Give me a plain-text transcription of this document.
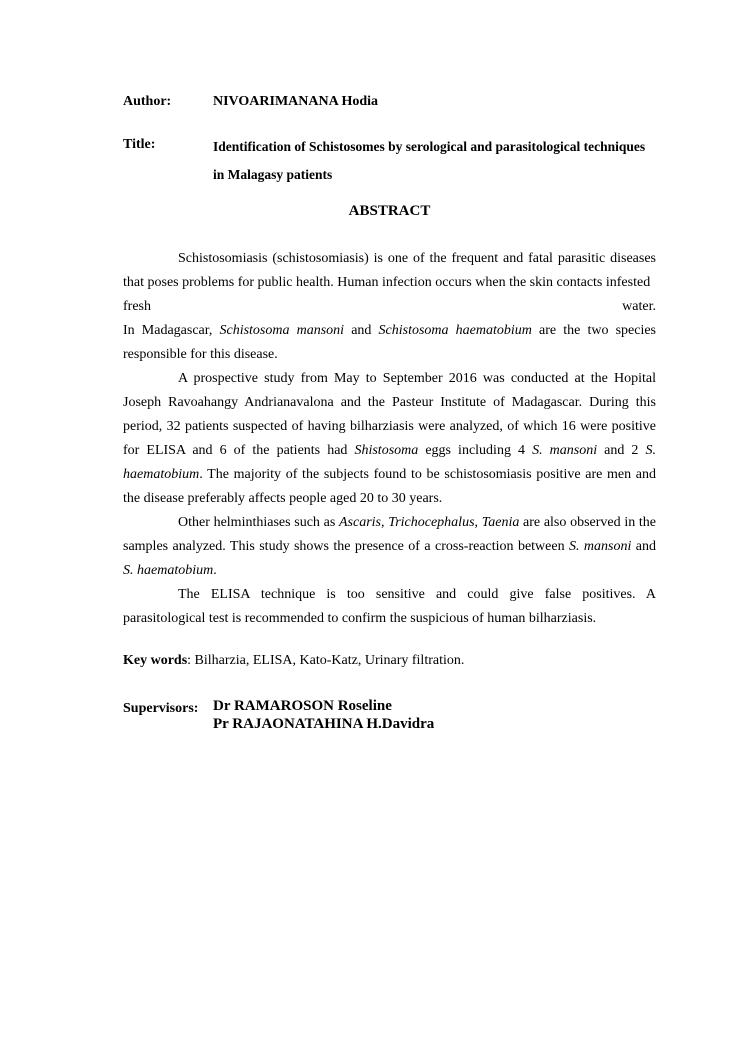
Author:	NIVOARIMANANA Hodia
Title:	Identification of Schistosomes by serological and parasitological techniques
in Malagasy patients
ABSTRACT

Schistosomiasis (schistosomiasis) is one of the frequent and fatal parasitic diseases that poses problems for public health. Human infection occurs when the skin contacts infested

fresh	water.

In Madagascar, Schistosoma mansoni and Schistosoma haematobium are the two species responsible for this disease.

A prospective study from May to September 2016 was conducted at the Hopital Joseph Ravoahangy Andrianavalona and the Pasteur Institute of Madagascar. During this period, 32 patients suspected of having bilharziasis were analyzed, of which 16 were positive for ELISA and 6 of the patients had Shistosoma eggs including 4 S. mansoni and 2 S. haematobium. The majority of the subjects found to be schistosomiasis positive are men and the disease preferably affects people aged 20 to 30 years.

Other helminthiases such as Ascaris, Trichocephalus, Taenia are also observed in the samples analyzed. This study shows the presence of a cross-reaction between S. mansoni and S. haematobium.

The ELISA technique is too sensitive and could give false positives. A parasitological test is recommended to confirm the suspicious of human bilharziasis.

Key words: Bilharzia, ELISA, Kato-Katz, Urinary filtration.
Supervisors: Dr RAMAROSON Roseline
Pr RAJAONATAHINA H.Davidra
